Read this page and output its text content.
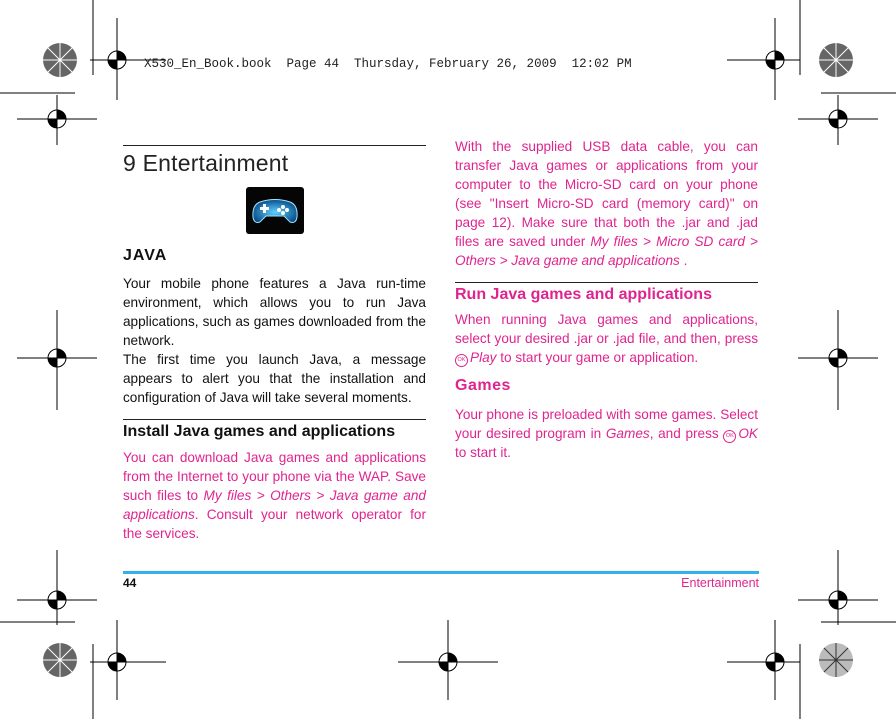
X530_En_Book.book  Page 44  Thursday, February 26, 2009  12:02 PM
9 Entertainment
JAVA
Your mobile phone features a Java run-time environment, which allows you to run Java applications, such as games downloaded from the network.
The first time you launch Java, a message appears to alert you that the installation and configuration of Java will take several moments.
Install Java games and applications
You can download Java games and applications from the Internet to your phone via the WAP. Save such files to My files > Others > Java game and applications. Consult your network operator for the services.
With the supplied USB data cable, you can transfer Java games or applications from your computer to the Micro-SD card on your phone (see "Insert Micro-SD card (memory card)" on page 12). Make sure that both the .jar and .jad files are saved under My files > Micro SD card > Others > Java game and applications .
Run Java games and applications
When running Java games and applications, select your desired .jar or .jad file, and then, press OK Play to start your game or application.
Games
Your phone is preloaded with some games. Select your desired program in Games, and press OK OK to start it.
44	Entertainment
